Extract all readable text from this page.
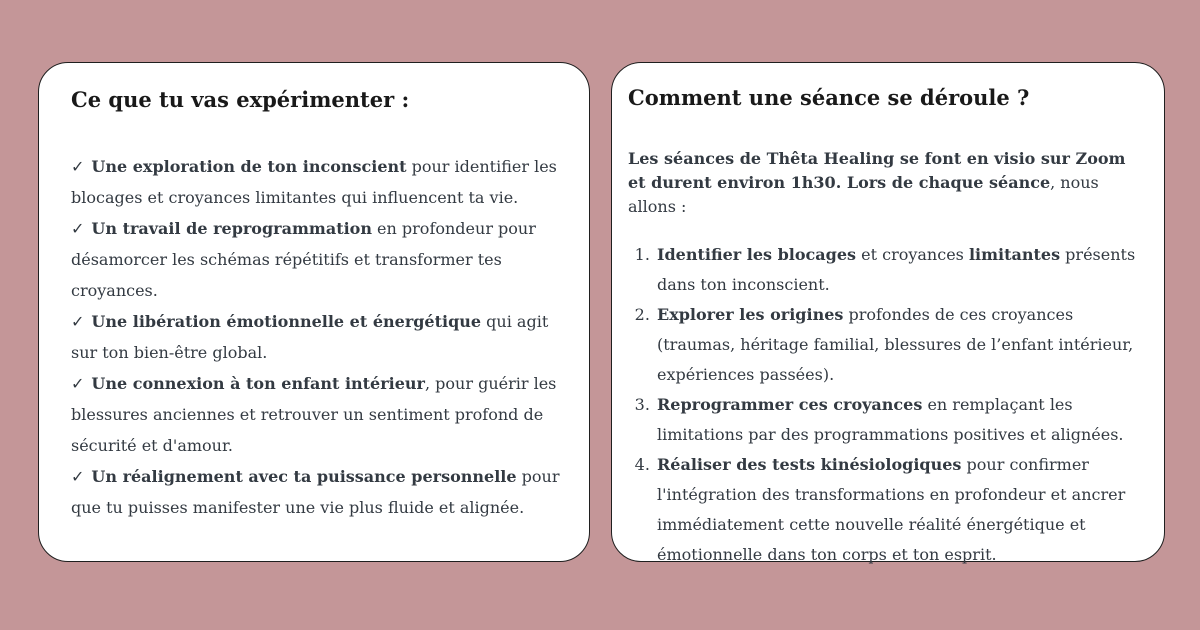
Ce que tu vas expérimenter :
✓ Une exploration de ton inconscient pour identifier les blocages et croyances limitantes qui influencent ta vie.
✓ Un travail de reprogrammation en profondeur pour désamorcer les schémas répétitifs et transformer tes croyances.
✓ Une libération émotionnelle et énergétique qui agit sur ton bien-être global.
✓ Une connexion à ton enfant intérieur, pour guérir les blessures anciennes et retrouver un sentiment profond de sécurité et d'amour.
✓ Un réalignement avec ta puissance personnelle pour que tu puisses manifester une vie plus fluide et alignée.
Comment une séance se déroule ?

Les séances de Thêta Healing se font en visio sur Zoom et durent environ 1h30. Lors de chaque séance, nous allons :

1. Identifier les blocages et croyances limitantes présents dans ton inconscient.
2. Explorer les origines profondes de ces croyances (traumas, héritage familial, blessures de l’enfant intérieur, expériences passées).
3. Reprogrammer ces croyances en remplaçant les limitations par des programmations positives et alignées.
4. Réaliser des tests kinésiologiques pour confirmer l'intégration des transformations en profondeur et ancrer immédiatement cette nouvelle réalité énergétique et émotionnelle dans ton corps et ton esprit.
